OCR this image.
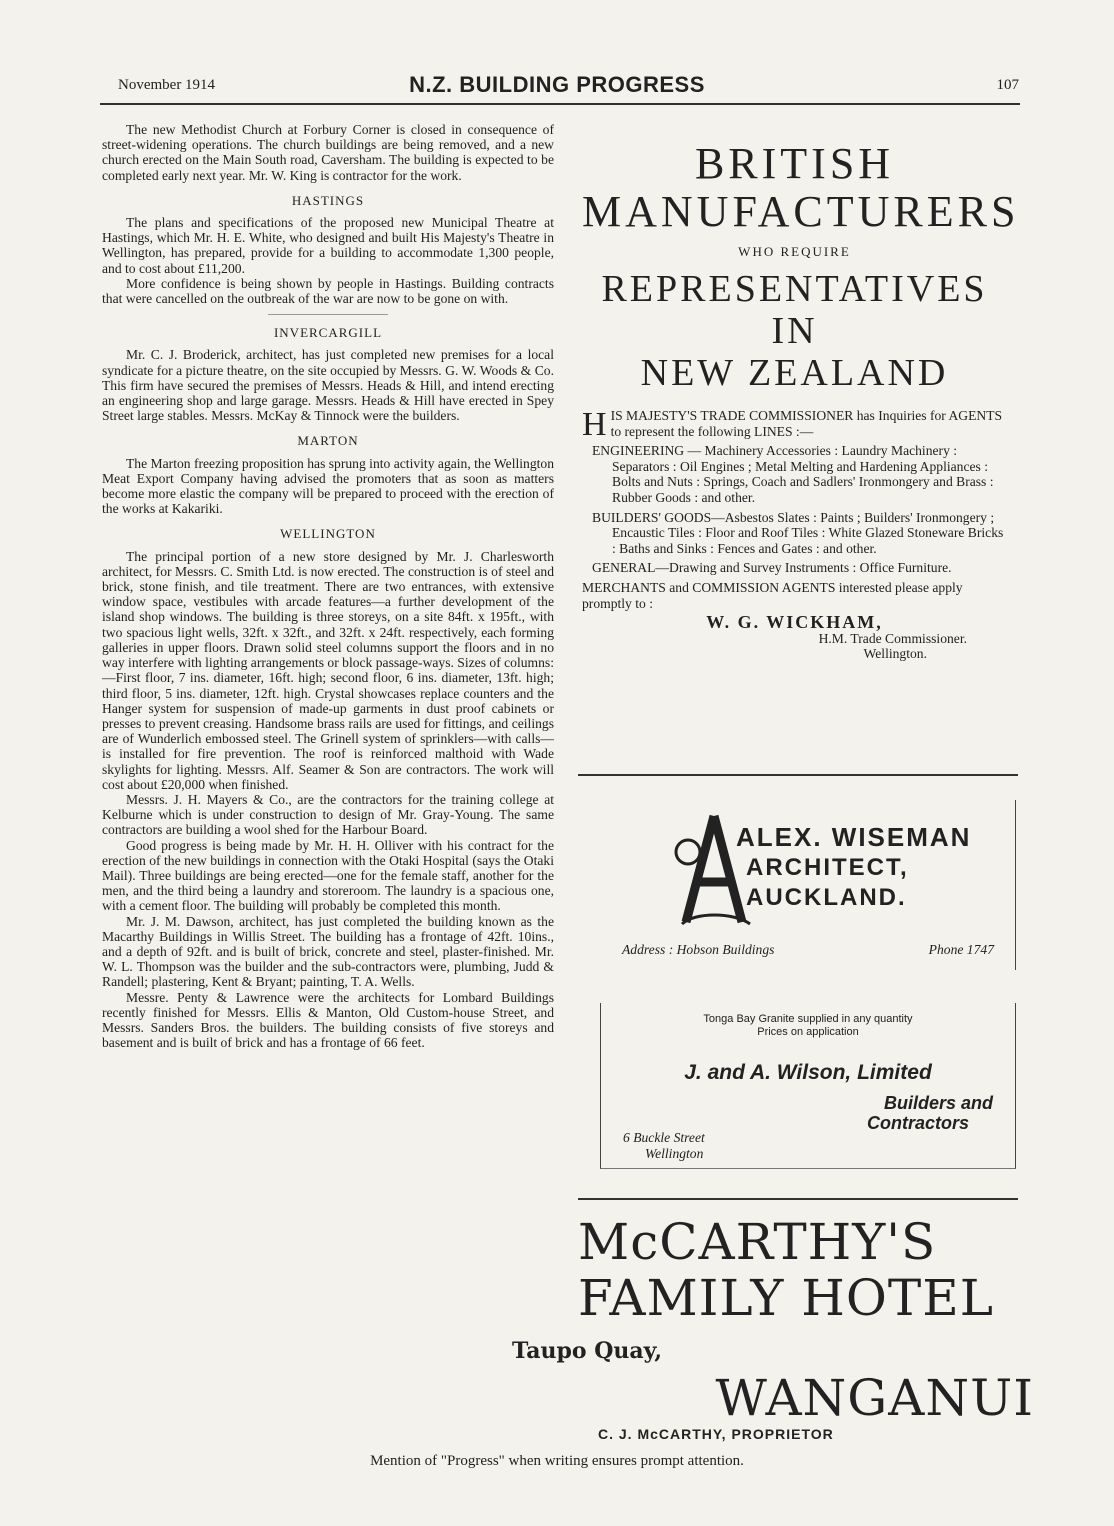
November 1914	N.Z. BUILDING PROGRESS	107

The new Methodist Church at Forbury Corner is closed in consequence of street-widening operations. The church buildings are being removed, and a new church erected on the Main South road, Caversham. The building is expected to be completed early next year. Mr. W. King is contractor for the work.

HASTINGS

The plans and specifications of the proposed new Municipal Theatre at Hastings, which Mr. H. E. White, who designed and built His Majesty's Theatre in Wellington, has prepared, provide for a building to accommodate 1,300 people, and to cost about £11,200.

More confidence is being shown by people in Hastings. Building contracts that were cancelled on the outbreak of the war are now to be gone on with.

INVERCARGILL

Mr. C. J. Broderick, architect, has just completed new premises for a local syndicate for a picture theatre, on the site occupied by Messrs. G. W. Woods & Co. This firm have secured the premises of Messrs. Heads & Hill, and intend erecting an engineering shop and large garage. Messrs. Heads & Hill have erected in Spey Street large stables. Messrs. McKay & Tinnock were the builders.

MARTON

The Marton freezing proposition has sprung into activity again, the Wellington Meat Export Company having advised the promoters that as soon as matters become more elastic the company will be prepared to proceed with the erection of the works at Kakariki.

WELLINGTON

The principal portion of a new store designed by Mr. J. Charlesworth architect, for Messrs. C. Smith Ltd. is now erected. The construction is of steel and brick, stone finish, and tile treatment. There are two entrances, with extensive window space, vestibules with arcade features—a further development of the island shop windows. The building is three storeys, on a site 84ft. x 195ft., with two spacious light wells, 32ft. x 32ft., and 32ft. x 24ft. respectively, each forming galleries in upper floors. Drawn solid steel columns support the floors and in no way interfere with lighting arrangements or block passage-ways. Sizes of columns:—First floor, 7 ins. diameter, 16ft. high; second floor, 6 ins. diameter, 13ft. high; third floor, 5 ins. diameter, 12ft. high. Crystal showcases replace counters and the Hanger system for suspension of made-up garments in dust proof cabinets or presses to prevent creasing. Handsome brass rails are used for fittings, and ceilings are of Wunderlich embossed steel. The Grinell system of sprinklers—with calls—is installed for fire prevention. The roof is reinforced malthoid with Wade skylights for lighting. Messrs. Alf. Seamer & Son are contractors. The work will cost about £20,000 when finished.

Messrs. J. H. Mayers & Co., are the contractors for the training college at Kelburne which is under construction to design of Mr. Gray-Young. The same contractors are building a wool shed for the Harbour Board.

Good progress is being made by Mr. H. H. Olliver with his contract for the erection of the new buildings in connection with the Otaki Hospital (says the Otaki Mail). Three buildings are being erected—one for the female staff, another for the men, and the third being a laundry and storeroom. The laundry is a spacious one, with a cement floor. The building will probably be completed this month.

Mr. J. M. Dawson, architect, has just completed the building known as the Macarthy Buildings in Willis Street. The building has a frontage of 42ft. 10ins., and a depth of 92ft. and is built of brick, concrete and steel, plaster-finished. Mr. W. L. Thompson was the builder and the sub-contractors were, plumbing, Judd & Randell; plastering, Kent & Bryant; painting, T. A. Wells.

Messre. Penty & Lawrence were the architects for Lombard Buildings recently finished for Messrs. Ellis & Manton, Old Custom-house Street, and Messrs. Sanders Bros. the builders. The building consists of five storeys and basement and is built of brick and has a frontage of 66 feet.

BRITISH
MANUFACTURERS
WHO REQUIRE
REPRESENTATIVES IN
NEW ZEALAND

HIS MAJESTY'S TRADE COMMISSIONER has Inquiries for AGENTS to represent the following LINES :—

ENGINEERING — Machinery Accessories : Laundry Machinery : Separators : Oil Engines ; Metal Melting and Hardening Appliances : Bolts and Nuts : Springs, Coach and Sadlers' Ironmongery and Brass : Rubber Goods : and other.

BUILDERS' GOODS—Asbestos Slates : Paints ; Builders' Ironmongery ; Encaustic Tiles : Floor and Roof Tiles : White Glazed Stoneware Bricks : Baths and Sinks : Fences and Gates : and other.

GENERAL—Drawing and Survey Instruments : Office Furniture.

MERCHANTS and COMMISSION AGENTS interested please apply promptly to :

W. G. WICKHAM,
H.M. Trade Commissioner.
Wellington.
ALEX. WISEMAN
ARCHITECT,
AUCKLAND.
Address : Hobson Buildings	Phone 1747
Tonga Bay Granite supplied in any quantity
Prices on application
J. and A. Wilson, Limited
Builders and
Contractors
6 Buckle Street
Wellington
McCARTHY'S
FAMILY HOTEL
Taupo Quay,
WANGANUI
C. J. McCARTHY, PROPRIETOR
Mention of "Progress" when writing ensures prompt attention.
